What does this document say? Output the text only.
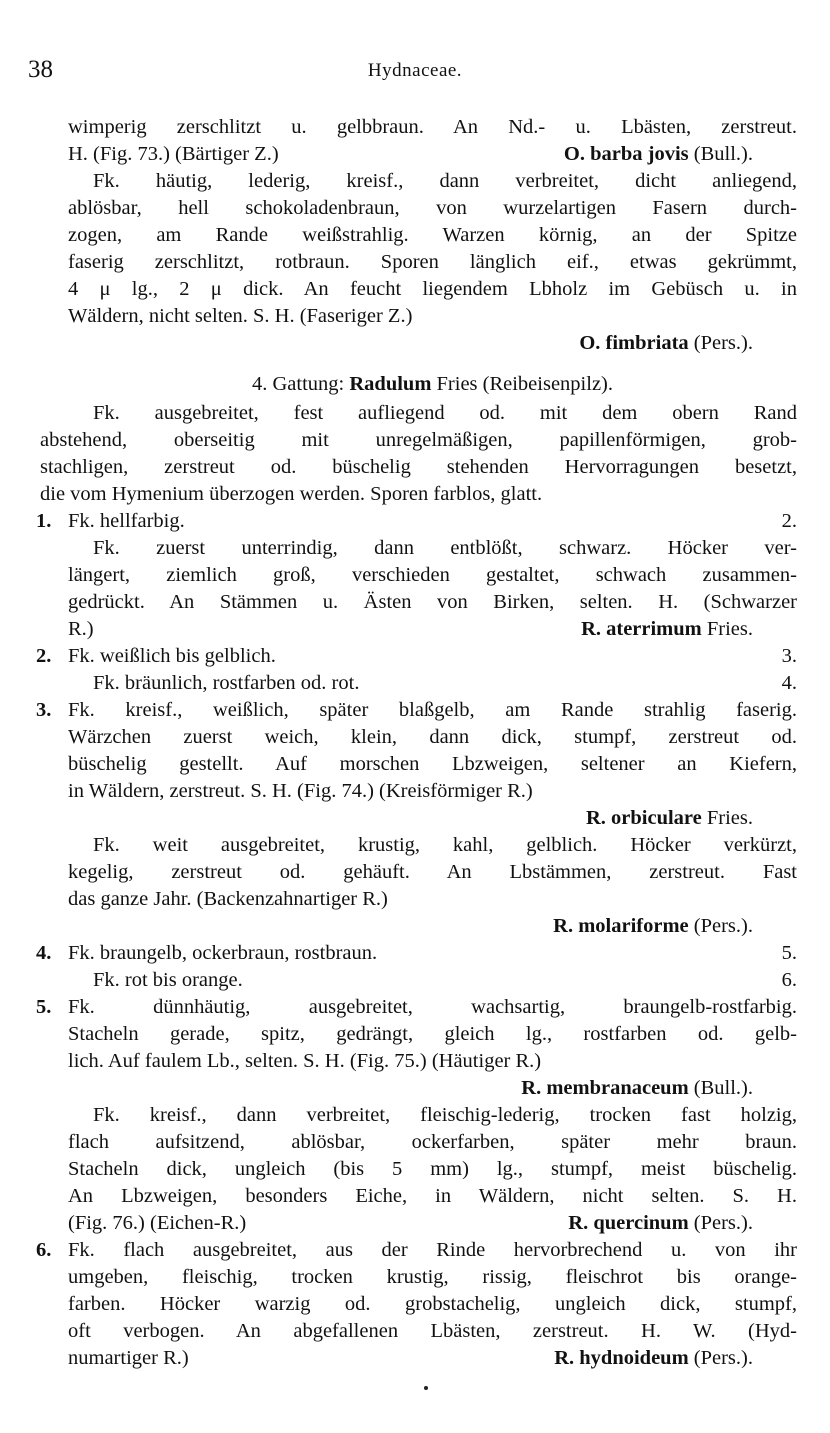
38	Hydnaceae.
wimperig zerschlitzt u. gelbbraun. An Nd.- u. Lbästen, zerstreut.
H. (Fig. 73.) (Bärtiger Z.)	O. barba jovis (Bull.).
Fk. häutig, lederig, kreisf., dann verbreitet, dicht anliegend,
ablösbar, hell schokoladenbraun, von wurzelartigen Fasern durch-
zogen, am Rande weißstrahlig. Warzen körnig, an der Spitze
faserig zerschlitzt, rotbraun. Sporen länglich eif., etwas gekrümmt,
4 μ lg., 2 μ dick. An feucht liegendem Lbholz im Gebüsch u. in
Wäldern, nicht selten. S. H. (Faseriger Z.)
O. fimbriata (Pers.).
4. Gattung: Radulum Fries (Reibeisenpilz).
Fk. ausgebreitet, fest aufliegend od. mit dem obern Rand
abstehend, oberseitig mit unregelmäßigen, papillenförmigen, grob-
stachligen, zerstreut od. büschelig stehenden Hervorragungen besetzt,
die vom Hymenium überzogen werden. Sporen farblos, glatt.
1. Fk. hellfarbig.	2.
Fk. zuerst unterrindig, dann entblößt, schwarz. Höcker ver-
längert, ziemlich groß, verschieden gestaltet, schwach zusammen-
gedrückt. An Stämmen u. Ästen von Birken, selten. H. (Schwarzer
R.)	R. aterrimum Fries.
2. Fk. weißlich bis gelblich.	3.
Fk. bräunlich, rostfarben od. rot.	4.
3. Fk. kreisf., weißlich, später blaßgelb, am Rande strahlig faserig.
Wärzchen zuerst weich, klein, dann dick, stumpf, zerstreut od.
büschelig gestellt. Auf morschen Lbzweigen, seltener an Kiefern,
in Wäldern, zerstreut. S. H. (Fig. 74.) (Kreisförmiger R.)
R. orbiculare Fries.
Fk. weit ausgebreitet, krustig, kahl, gelblich. Höcker verkürzt,
kegelig, zerstreut od. gehäuft. An Lbstämmen, zerstreut. Fast
das ganze Jahr. (Backenzahnartiger R.)
R. molariforme (Pers.).
4. Fk. braungelb, ockerbraun, rostbraun.	5.
Fk. rot bis orange.	6.
5. Fk. dünnhäutig, ausgebreitet, wachsartig, braungelb-rostfarbig.
Stacheln gerade, spitz, gedrängt, gleich lg., rostfarben od. gelb-
lich. Auf faulem Lb., selten. S. H. (Fig. 75.) (Häutiger R.)
R. membranaceum (Bull.).
Fk. kreisf., dann verbreitet, fleischig-lederig, trocken fast holzig,
flach aufsitzend, ablösbar, ockerfarben, später mehr braun.
Stacheln dick, ungleich (bis 5 mm) lg., stumpf, meist büschelig.
An Lbzweigen, besonders Eiche, in Wäldern, nicht selten. S. H.
(Fig. 76.) (Eichen-R.)	R. quercinum (Pers.).
6. Fk. flach ausgebreitet, aus der Rinde hervorbrechend u. von ihr
umgeben, fleischig, trocken krustig, rissig, fleischrot bis orange-
farben. Höcker warzig od. grobstachelig, ungleich dick, stumpf,
oft verbogen. An abgefallenen Lbästen, zerstreut. H. W. (Hyd-
numartiger R.)	R. hydnoideum (Pers.).
